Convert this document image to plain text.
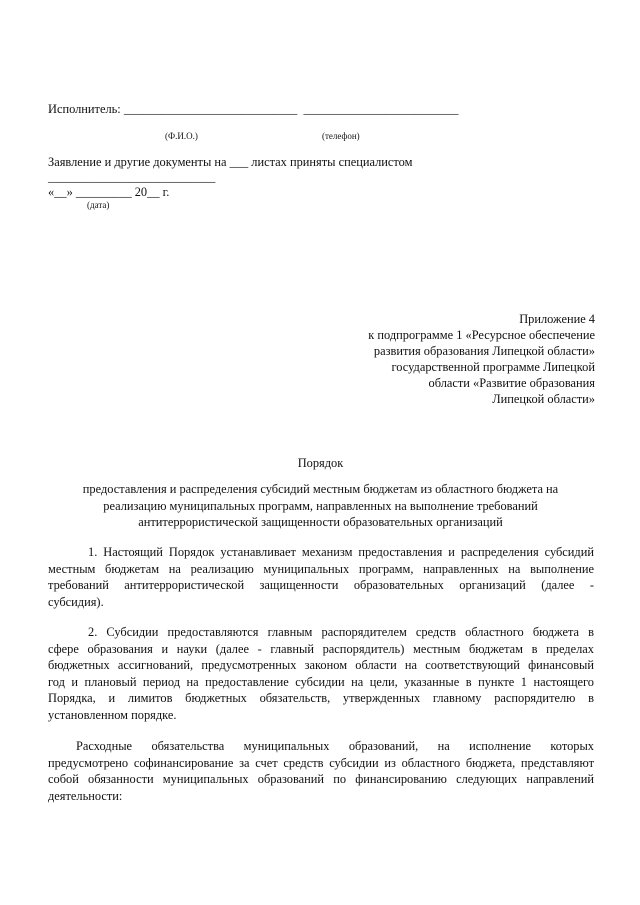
Исполнитель: ____________________________  _________________________
(Ф.И.О.)	(телефон)
Заявление и другие документы на ___ листах приняты специалистом
___________________________
«__» _________ 20__ г.
(дата)
Приложение 4
к подпрограмме 1 «Ресурсное обеспечение
развития образования Липецкой области»
государственной программе Липецкой
области «Развитие образования
Липецкой области»
Порядок
предоставления и распределения субсидий местным бюджетам из областного бюджета на
реализацию муниципальных программ, направленных на выполнение требований
антитеррористической защищенности образовательных организаций
1. Настоящий Порядок устанавливает механизм предоставления и распределения субсидий
местным бюджетам на реализацию муниципальных программ, направленных на выполнение
требований антитеррористической защищенности образовательных организаций (далее -
субсидия).
2. Субсидии предоставляются главным распорядителем средств областного бюджета в
сфере образования и науки (далее - главный распорядитель) местным бюджетам в пределах
бюджетных ассигнований, предусмотренных законом области на соответствующий финансовый
год и плановый период на предоставление субсидии на цели, указанные в пункте 1 настоящего
Порядка, и лимитов бюджетных обязательств, утвержденных главному распорядителю в
установленном порядке.
Расходные обязательства муниципальных образований, на исполнение которых
предусмотрено софинансирование за счет средств субсидии из областного бюджета, представляют
собой обязанности муниципальных образований по финансированию следующих направлений
деятельности:
